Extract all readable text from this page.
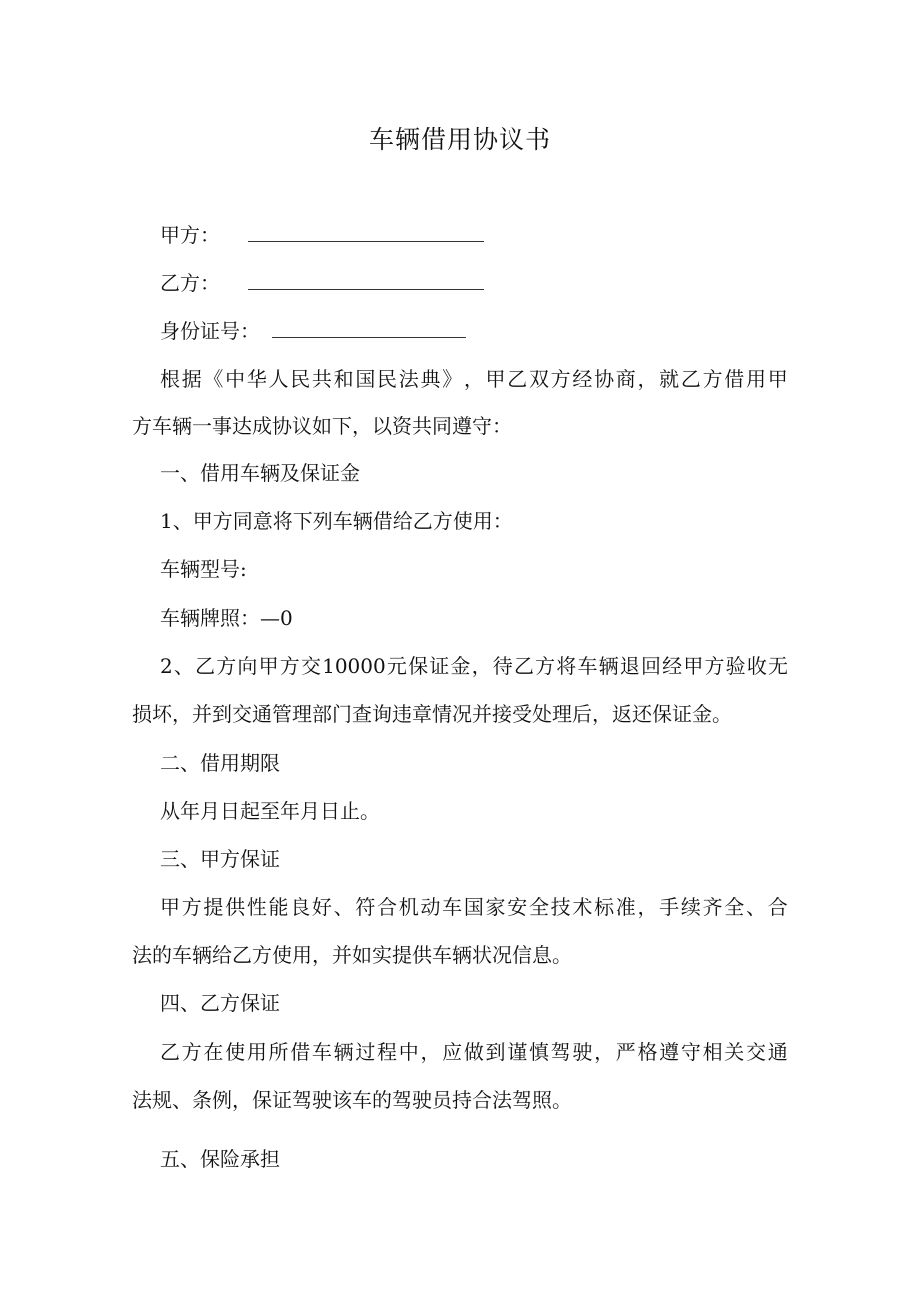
车辆借用协议书
甲方：
乙方：
身份证号：
根 据 《 中 华 人 民 共 和 国 民 法 典 》 ， 甲 乙 双 方 经 协 商 ， 就 乙 方 借 用 甲
方车辆一事达成协议如下，以资共同遵守：
一、借用车辆及保证金
1、甲方同意将下列车辆借给乙方使用：
车辆型号:
车辆牌照：—0
2 、 乙 方 向 甲 方 交 10000 元 保 证 金 ， 待 乙 方 将 车 辆 退 回 经 甲 方 验 收 无
损坏，并到交通管理部门查询违章情况并接受处理后，返还保证金。
二、借用期限
从年月日起至年月日止。
三、甲方保证
甲 方 提 供 性 能 良 好 、 符 合 机 动 车 国 家 安 全 技 术 标 准 ， 手 续 齐 全 、 合
法的车辆给乙方使用，并如实提供车辆状况信息。
四、乙方保证
乙 方 在 使 用 所 借 车 辆 过 程 中 ， 应 做 到 谨 慎 驾 驶 ， 严 格 遵 守 相 关 交 通
法规、条例，保证驾驶该车的驾驶员持合法驾照。
五、保险承担
